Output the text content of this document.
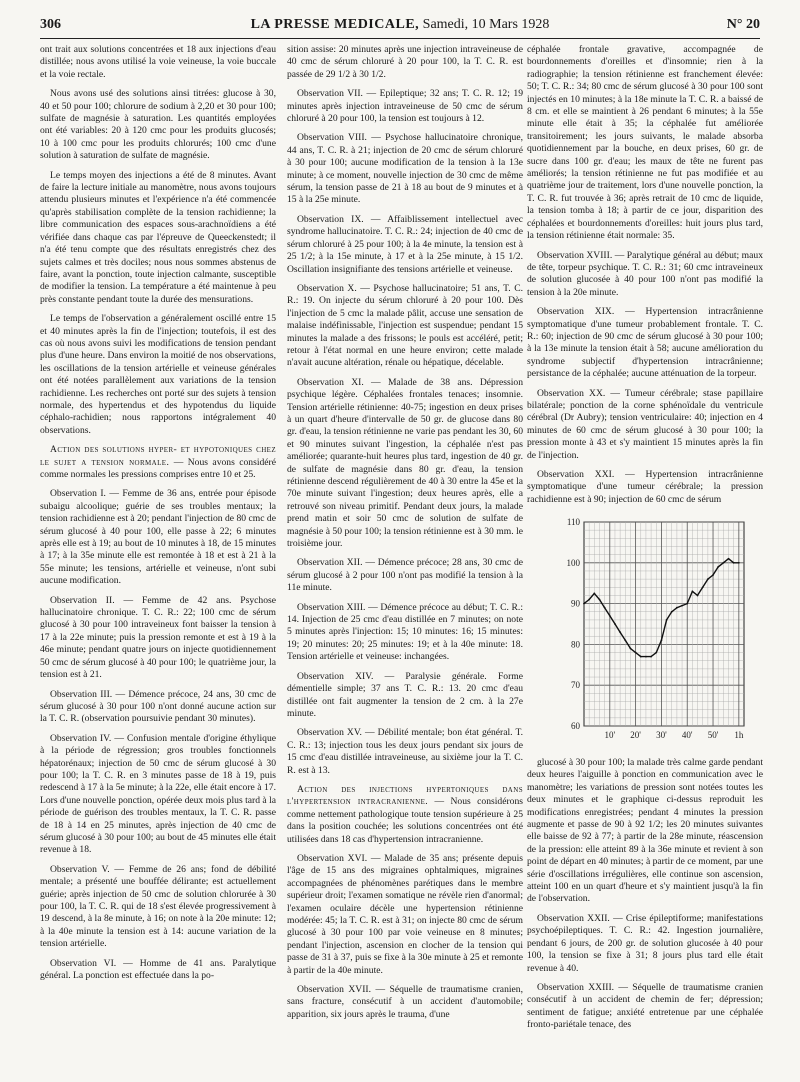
306	LA PRESSE MEDICALE, Samedi, 10 Mars 1928	N° 20

ont trait aux solutions concentrées et 18 aux injections d'eau distillée; nous avons utilisé la voie veineuse, la voie buccale et la voie rectale.

Nous avons usé des solutions ainsi titrées: glucose à 30, 40 et 50 pour 100; chlorure de sodium à 2,20 et 30 pour 100; sulfate de magnésie à saturation. Les quantités employées ont été variables: 20 à 120 cmc pour les produits glucosés; 10 à 100 cmc pour les produits chlorurés; 100 cmc d'une solution à saturation de sulfate de magnésie.

Le temps moyen des injections a été de 8 minutes. Avant de faire la lecture initiale au manomètre, nous avons toujours attendu plusieurs minutes et l'expérience n'a été commencée qu'après stabilisation complète de la tension rachidienne; la libre communication des espaces sous-arachnoïdiens a été vérifiée dans chaque cas par l'épreuve de Queeckenstedt; il n'a été tenu compte que des résultats enregistrés chez des sujets calmes et très dociles; nous nous sommes abstenus de faire, avant la ponction, toute injection calmante, susceptible de modifier la tension. La température a été maintenue à peu près constante pendant toute la durée des mensurations.

Le temps de l'observation a généralement oscillé entre 15 et 40 minutes après la fin de l'injection; toutefois, il est des cas où nous avons suivi les modifications de tension pendant plus d'une heure. Dans environ la moitié de nos observations, les oscillations de la tension artérielle et veineuse générales ont été notées parallèlement aux variations de la tension rachidienne. Les recherches ont porté sur des sujets à tension normale, des hypertendus et des hypotendus du liquide céphalo-rachidien; nous rapportons intégralement 40 observations.

Action des solutions hyper- et hypotoniques chez le sujet a tension normale. — Nous avons considéré comme normales les pressions comprises entre 10 et 25.

Observation I. — Femme de 36 ans, entrée pour épisode subaigu alcoolique; guérie de ses troubles mentaux; la tension rachidienne est à 20; pendant l'injection de 80 cmc de sérum glucosé à 40 pour 100, elle passe à 22; 6 minutes après elle est à 19; au bout de 10 minutes à 18, de 15 minutes à 17; à la 35e minute elle est remontée à 18 et est à 21 à la 55e minute; les tensions, artérielle et veineuse, n'ont subi aucune modification.

Observation II. — Femme de 42 ans. Psychose hallucinatoire chronique. T. C. R.: 22; 100 cmc de sérum glucosé à 30 pour 100 intraveineux font baisser la tension à 17 à la 22e minute; puis la pression remonte et est à 19 à la 46e minute; pendant quatre jours on injecte quotidiennement 50 cmc de sérum glucosé à 40 pour 100; le quatrième jour, la tension est à 21.

Observation III. — Démence précoce, 24 ans, 30 cmc de sérum glucosé à 30 pour 100 n'ont donné aucune action sur la T. C. R. (observation poursuivie pendant 30 minutes).

Observation IV. — Confusion mentale d'origine éthylique à la période de régression; gros troubles fonctionnels hépatorénaux; injection de 50 cmc de sérum glucosé à 30 pour 100; la T. C. R. en 3 minutes passe de 18 à 19, puis redescend à 17 à la 5e minute; à la 22e, elle était encore à 17. Lors d'une nouvelle ponction, opérée deux mois plus tard à la période de guérison des troubles mentaux, la T. C. R. passe de 18 à 14 en 25 minutes, après injection de 40 cmc de sérum glucosé à 30 pour 100; au bout de 45 minutes elle était revenue à 18.

Observation V. — Femme de 26 ans; fond de débilité mentale; a présenté une bouffée délirante; est actuellement guérie; après injection de 50 cmc de solution chlorurée à 30 pour 100, la T. C. R. qui de 18 s'est élevée progressivement à 19 descend, à la 8e minute, à 16; on note à la 20e minute: 12; à la 40e minute la tension est à 14: aucune variation de la tension artérielle.

Observation VI. — Homme de 41 ans. Paralytique général. La ponction est effectuée dans la po-

sition assise: 20 minutes après une injection intraveineuse de 40 cmc de sérum chloruré à 20 pour 100, la T. C. R. est passée de 29 1/2 à 30 1/2.

Observation VII. — Epileptique; 32 ans; T. C. R. 12; 19 minutes après injection intraveineuse de 50 cmc de sérum chloruré à 20 pour 100, la tension est toujours à 12.

Observation VIII. — Psychose hallucinatoire chronique, 44 ans, T. C. R. à 21; injection de 20 cmc de sérum chloruré à 30 pour 100; aucune modification de la tension à la 13e minute; à ce moment, nouvelle injection de 30 cmc de même sérum, la tension passe de 21 à 18 au bout de 9 minutes et à 15 à la 25e minute.

Observation IX. — Affaiblissement intellectuel avec syndrome hallucinatoire. T. C. R.: 24; injection de 40 cmc de sérum chloruré à 25 pour 100; à la 4e minute, la tension est à 25 1/2; à la 15e minute, à 17 et à la 25e minute, à 15 1/2. Oscillation insignifiante des tensions artérielle et veineuse.

Observation X. — Psychose hallucinatoire; 51 ans, T. C. R.: 19. On injecte du sérum chloruré à 20 pour 100. Dès l'injection de 5 cmc la malade pâlit, accuse une sensation de malaise indéfinissable, l'injection est suspendue; pendant 15 minutes la malade a des frissons; le pouls est accéléré, petit; retour à l'état normal en une heure environ; cette malade n'avait aucune altération, rénale ou hépatique, décelable.

Observation XI. — Malade de 38 ans. Dépression psychique légère. Céphalées frontales tenaces; insomnie. Tension artérielle rétinienne: 40-75; ingestion en deux prises à un quart d'heure d'intervalle de 50 gr. de glucose dans 80 gr. d'eau, la tension rétinienne ne varie pas pendant les 30, 60 et 90 minutes suivant l'ingestion, la céphalée n'est pas améliorée; quarante-huit heures plus tard, ingestion de 40 gr. de sulfate de magnésie dans 80 gr. d'eau, la tension rétinienne descend régulièrement de 40 à 30 entre la 45e et la 70e minute suivant l'ingestion; deux heures après, elle a retrouvé son niveau primitif. Pendant deux jours, la malade prend matin et soir 50 cmc de solution de sulfate de magnésie à 50 pour 100; la tension rétinienne est à 30 mm. le troisième jour.

Observation XII. — Démence précoce; 28 ans, 30 cmc de sérum glucosé à 2 pour 100 n'ont pas modifié la tension à la 11e minute.

Observation XIII. — Démence précoce au début; T. C. R.: 14. Injection de 25 cmc d'eau distillée en 7 minutes; on note 5 minutes après l'injection: 15; 10 minutes: 16; 15 minutes: 19; 20 minutes: 20; 25 minutes: 19; et à la 40e minute: 18. Tension artérielle et veineuse: inchangées.

Observation XIV. — Paralysie générale. Forme démentielle simple; 37 ans T. C. R.: 13. 20 cmc d'eau distillée ont fait augmenter la tension de 2 cm. à la 27e minute.

Observation XV. — Débilité mentale; bon état général. T. C. R.: 13; injection tous les deux jours pendant six jours de 15 cmc d'eau distillée intraveineuse, au sixième jour la T. C. R. est à 13.

Action des injections hypertoniques dans l'hypertension intracranienne. — Nous considérons comme nettement pathologique toute tension supérieure à 25 dans la position couchée; les solutions concentrées ont été utilisées dans 18 cas d'hypertension intracranienne.

Observation XVI. — Malade de 35 ans; présente depuis l'âge de 15 ans des migraines ophtalmiques, migraines accompagnées de phénomènes parétiques dans le membre supérieur droit; l'examen somatique ne révèle rien d'anormal; l'examen oculaire décèle une hypertension rétinienne modérée: 45; la T. C. R. est à 31; on injecte 80 cmc de sérum glucosé à 30 pour 100 par voie veineuse en 8 minutes; pendant l'injection, ascension en clocher de la tension qui passe de 31 à 37, puis se fixe à la 30e minute à 25 et remonte à partir de la 40e minute.

Observation XVII. — Séquelle de traumatisme cranien, sans fracture, consécutif à un accident d'automobile; apparition, six jours après le trauma, d'une

céphalée frontale gravative, accompagnée de bourdonnements d'oreilles et d'insomnie; rien à la radiographie; la tension rétinienne est franchement élevée: 50; T. C. R.: 34; 80 cmc de sérum glucosé à 30 pour 100 sont injectés en 10 minutes; à la 18e minute la T. C. R. a baissé de 8 cm. et elle se maintient à 26 pendant 6 minutes; à la 55e minute elle était à 35; la céphalée fut améliorée transitoirement; les jours suivants, le malade absorba quotidiennement par la bouche, en deux prises, 60 gr. de sucre dans 100 gr. d'eau; les maux de tête ne furent pas améliorés; la tension rétinienne ne fut pas modifiée et au quatrième jour de traitement, lors d'une nouvelle ponction, la T. C. R. fut trouvée à 36; après retrait de 10 cmc de liquide, la tension tomba à 18; à partir de ce jour, disparition des céphalées et bourdonnements d'oreilles: huit jours plus tard, la tension rétinienne était normale: 35.

Observation XVIII. — Paralytique général au début; maux de tête, torpeur psychique. T. C. R.: 31; 60 cmc intraveineux de solution glucosée à 40 pour 100 n'ont pas modifié la tension à la 20e minute.

Observation XIX. — Hypertension intracrânienne symptomatique d'une tumeur probablement frontale. T. C. R.: 60; injection de 90 cmc de sérum glucosé à 30 pour 100; à la 13e minute la tension était à 58; aucune amélioration du syndrome subjectif d'hypertension intracrânienne; persistance de la céphalée; aucune atténuation de la torpeur.

Observation XX. — Tumeur cérébrale; stase papillaire bilatérale; ponction de la corne sphénoïdale du ventricule cérébral (Dr Aubry); tension ventriculaire: 40; injection en 4 minutes de 60 cmc de sérum glucosé à 30 pour 100; la pression monte à 43 et s'y maintient 15 minutes après la fin de l'injection.

Observation XXI. — Hypertension intracrânienne symptomatique d'une tumeur cérébrale; la pression rachidienne est à 90; injection de 60 cmc de sérum

110
100
90
80
70
60
10' 20' 30' 40' 50' 1h

glucosé à 30 pour 100; la malade très calme garde pendant deux heures l'aiguille à ponction en communication avec le manomètre; les variations de pression sont notées toutes les deux minutes et le graphique ci-dessus reproduit les modifications enregistrées; pendant 4 minutes la pression augmente et passe de 90 à 92 1/2; les 20 minutes suivantes elle baisse de 92 à 77; à partir de la 28e minute, réascension de la pression: elle atteint 89 à la 36e minute et revient à son point de départ en 40 minutes; à partir de ce moment, par une série d'oscillations irrégulières, elle continue son ascension, atteint 100 en un quart d'heure et s'y maintient jusqu'à la fin de l'observation.

Observation XXII. — Crise épileptiforme; manifestations psychoépileptiques. T. C. R.: 42. Ingestion journalière, pendant 6 jours, de 200 gr. de solution glucosée à 40 pour 100, la tension se fixe à 31; 8 jours plus tard elle était revenue à 40.

Observation XXIII. — Séquelle de traumatisme cranien consécutif à un accident de chemin de fer; dépression; sentiment de fatigue; anxiété entretenue par une céphalée fronto-pariétale tenace, des
